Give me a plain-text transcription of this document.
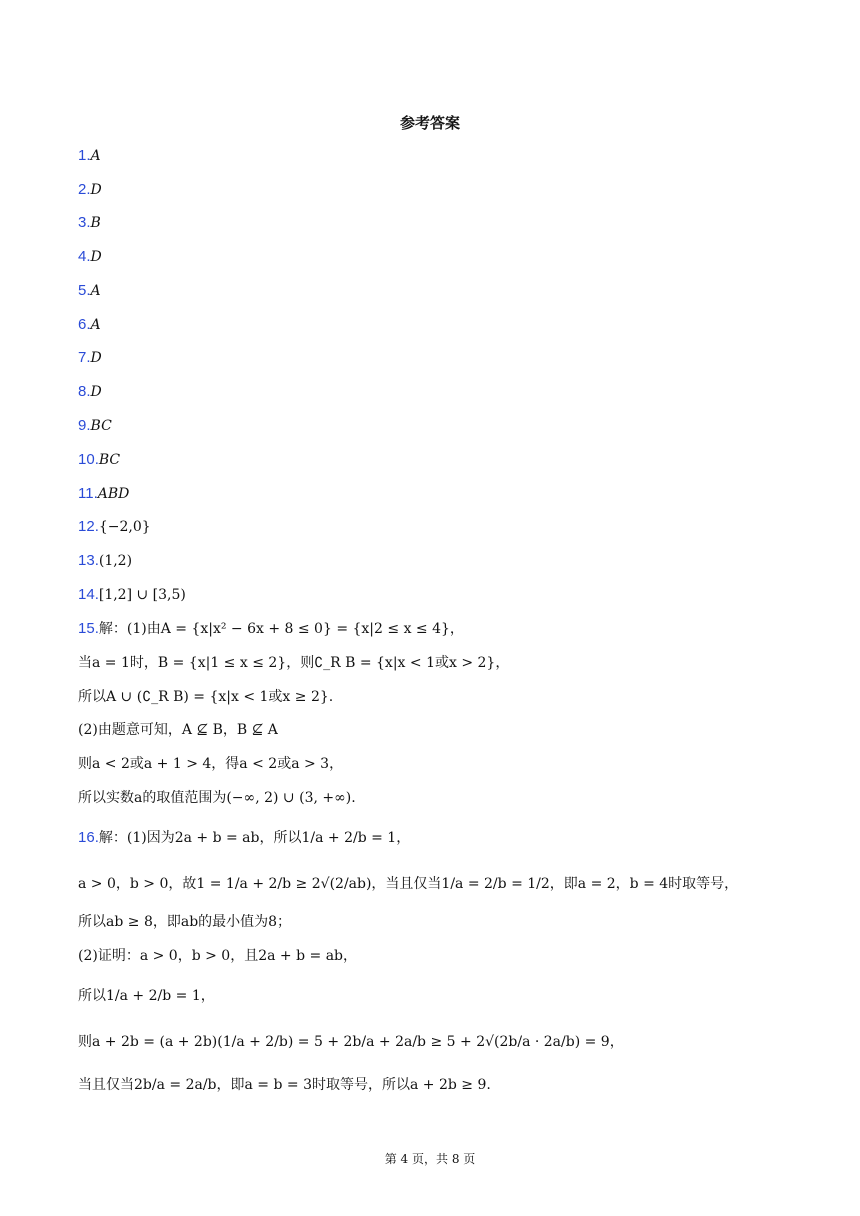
参考答案
1.A
2.D
3.B
4.D
5.A
6.A
7.D
8.D
9.BC
10.BC
11.ABD
12.{−2,0}
13.(1,2)
14.[1,2] ∪ [3,5)
15.解：(1)由A = {x|x² − 6x + 8 ≤ 0} = {x|2 ≤ x ≤ 4}，
当a = 1时，B = {x|1 ≤ x ≤ 2}，则∁_R B = {x|x < 1或x > 2}，
所以A ∪ (∁_R B) = {x|x < 1或x ≥ 2}.
(2)由题意可知，A ⊈ B，B ⊈ A
则a < 2或a + 1 > 4，得a < 2或a > 3，
所以实数a的取值范围为(−∞, 2) ∪ (3, +∞).
16.解：(1)因为2a + b = ab，所以1/a + 2/b = 1，
a > 0，b > 0，故1 = 1/a + 2/b ≥ 2√(2/ab)，当且仅当1/a = 2/b = 1/2，即a = 2，b = 4时取等号，
所以ab ≥ 8，即ab的最小值为8；
(2)证明：a > 0，b > 0，且2a + b = ab，
所以1/a + 2/b = 1，
则a + 2b = (a + 2b)(1/a + 2/b) = 5 + 2b/a + 2a/b ≥ 5 + 2√(2b/a · 2a/b) = 9，
当且仅当2b/a = 2a/b，即a = b = 3时取等号，所以a + 2b ≥ 9.
第 4 页，共 8 页
